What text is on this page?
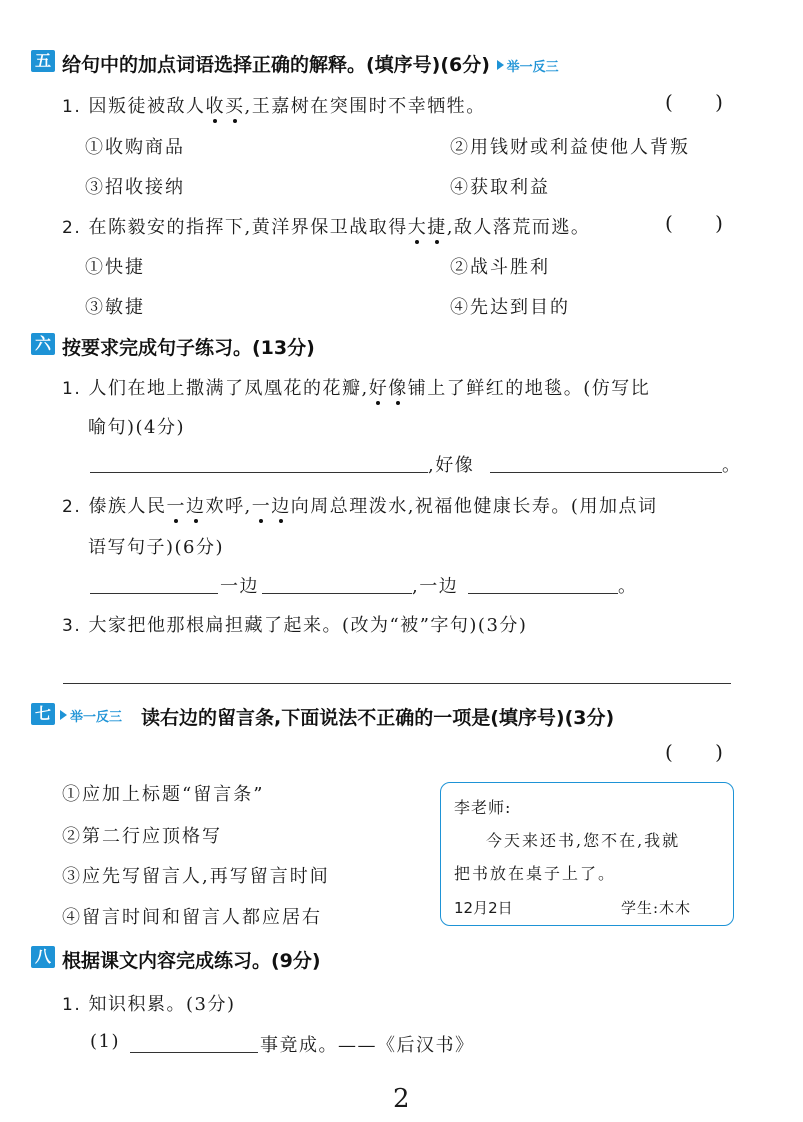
五 给句中的加点词语选择正确的解释。(填序号)(6分) 举一反三
1. 因叛徒被敌人收买,王嘉树在突围时不幸牺牲。	( )
①收购商品	②用钱财或利益使他人背叛
③招收接纳	④获取利益
2. 在陈毅安的指挥下,黄洋界保卫战取得大捷,敌人落荒而逃。	( )
①快捷	②战斗胜利
③敏捷	④先达到目的
六 按要求完成句子练习。(13分)
1. 人们在地上撒满了凤凰花的花瓣,好像铺上了鲜红的地毯。(仿写比
喻句)(4分)
,好像	。
2. 傣族人民一边欢呼,一边向周总理泼水,祝福他健康长寿。(用加点词
语写句子)(6分)
一边	,一边	。
3. 大家把他那根扁担藏了起来。(改为“被”字句)(3分)
七	举一反三 读右边的留言条,下面说法不正确的一项是(填序号)(3分)
( )
①应加上标题“留言条”
②第二行应顶格写
③应先写留言人,再写留言时间
④留言时间和留言人都应居右
李老师:
今天来还书,您不在,我就
把书放在桌子上了。
12月2日	学生:木木
八 根据课文内容完成练习。(9分)
1. 知识积累。(3分)
(1)	事竟成。——《后汉书》
2
